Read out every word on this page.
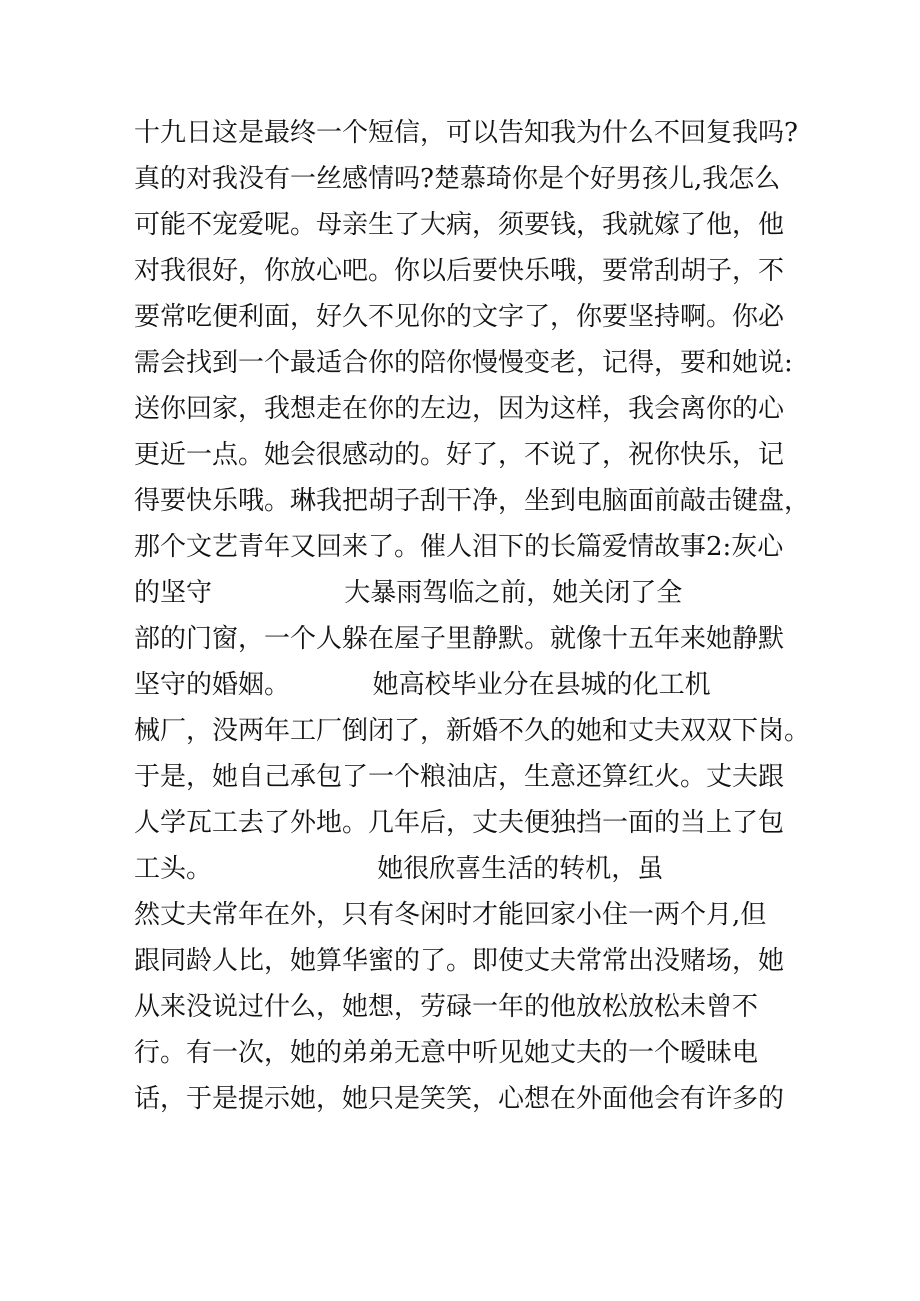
十九日这是最终一个短信，可以告知我为什么不回复我吗?
真的对我没有一丝感情吗?楚慕琦你是个好男孩儿,我怎么
可能不宠爱呢。母亲生了大病，须要钱，我就嫁了他，他
对我很好，你放心吧。你以后要快乐哦，要常刮胡子，不
要常吃便利面，好久不见你的文字了，你要坚持啊。你必
需会找到一个最适合你的陪你慢慢变老，记得，要和她说:
送你回家，我想走在你的左边，因为这样，我会离你的心
更近一点。她会很感动的。好了，不说了，祝你快乐，记
得要快乐哦。琳我把胡子刮干净，坐到电脑面前敲击键盘，
那个文艺青年又回来了。催人泪下的长篇爱情故事2:灰心
的坚守                大暴雨驾临之前，她关闭了全
部的门窗，一个人躲在屋子里静默。就像十五年来她静默
坚守的婚姻。          她高校毕业分在县城的化工机
械厂，没两年工厂倒闭了，新婚不久的她和丈夫双双下岗。
于是，她自己承包了一个粮油店，生意还算红火。丈夫跟
人学瓦工去了外地。几年后，丈夫便独挡一面的当上了包
工头。                    她很欣喜生活的转机，虽
然丈夫常年在外，只有冬闲时才能回家小住一两个月,但
跟同龄人比，她算华蜜的了。即使丈夫常常出没赌场，她
从来没说过什么，她想，劳碌一年的他放松放松未曾不
行。有一次，她的弟弟无意中听见她丈夫的一个暧昧电
话，于是提示她，她只是笑笑，心想在外面他会有许多的
